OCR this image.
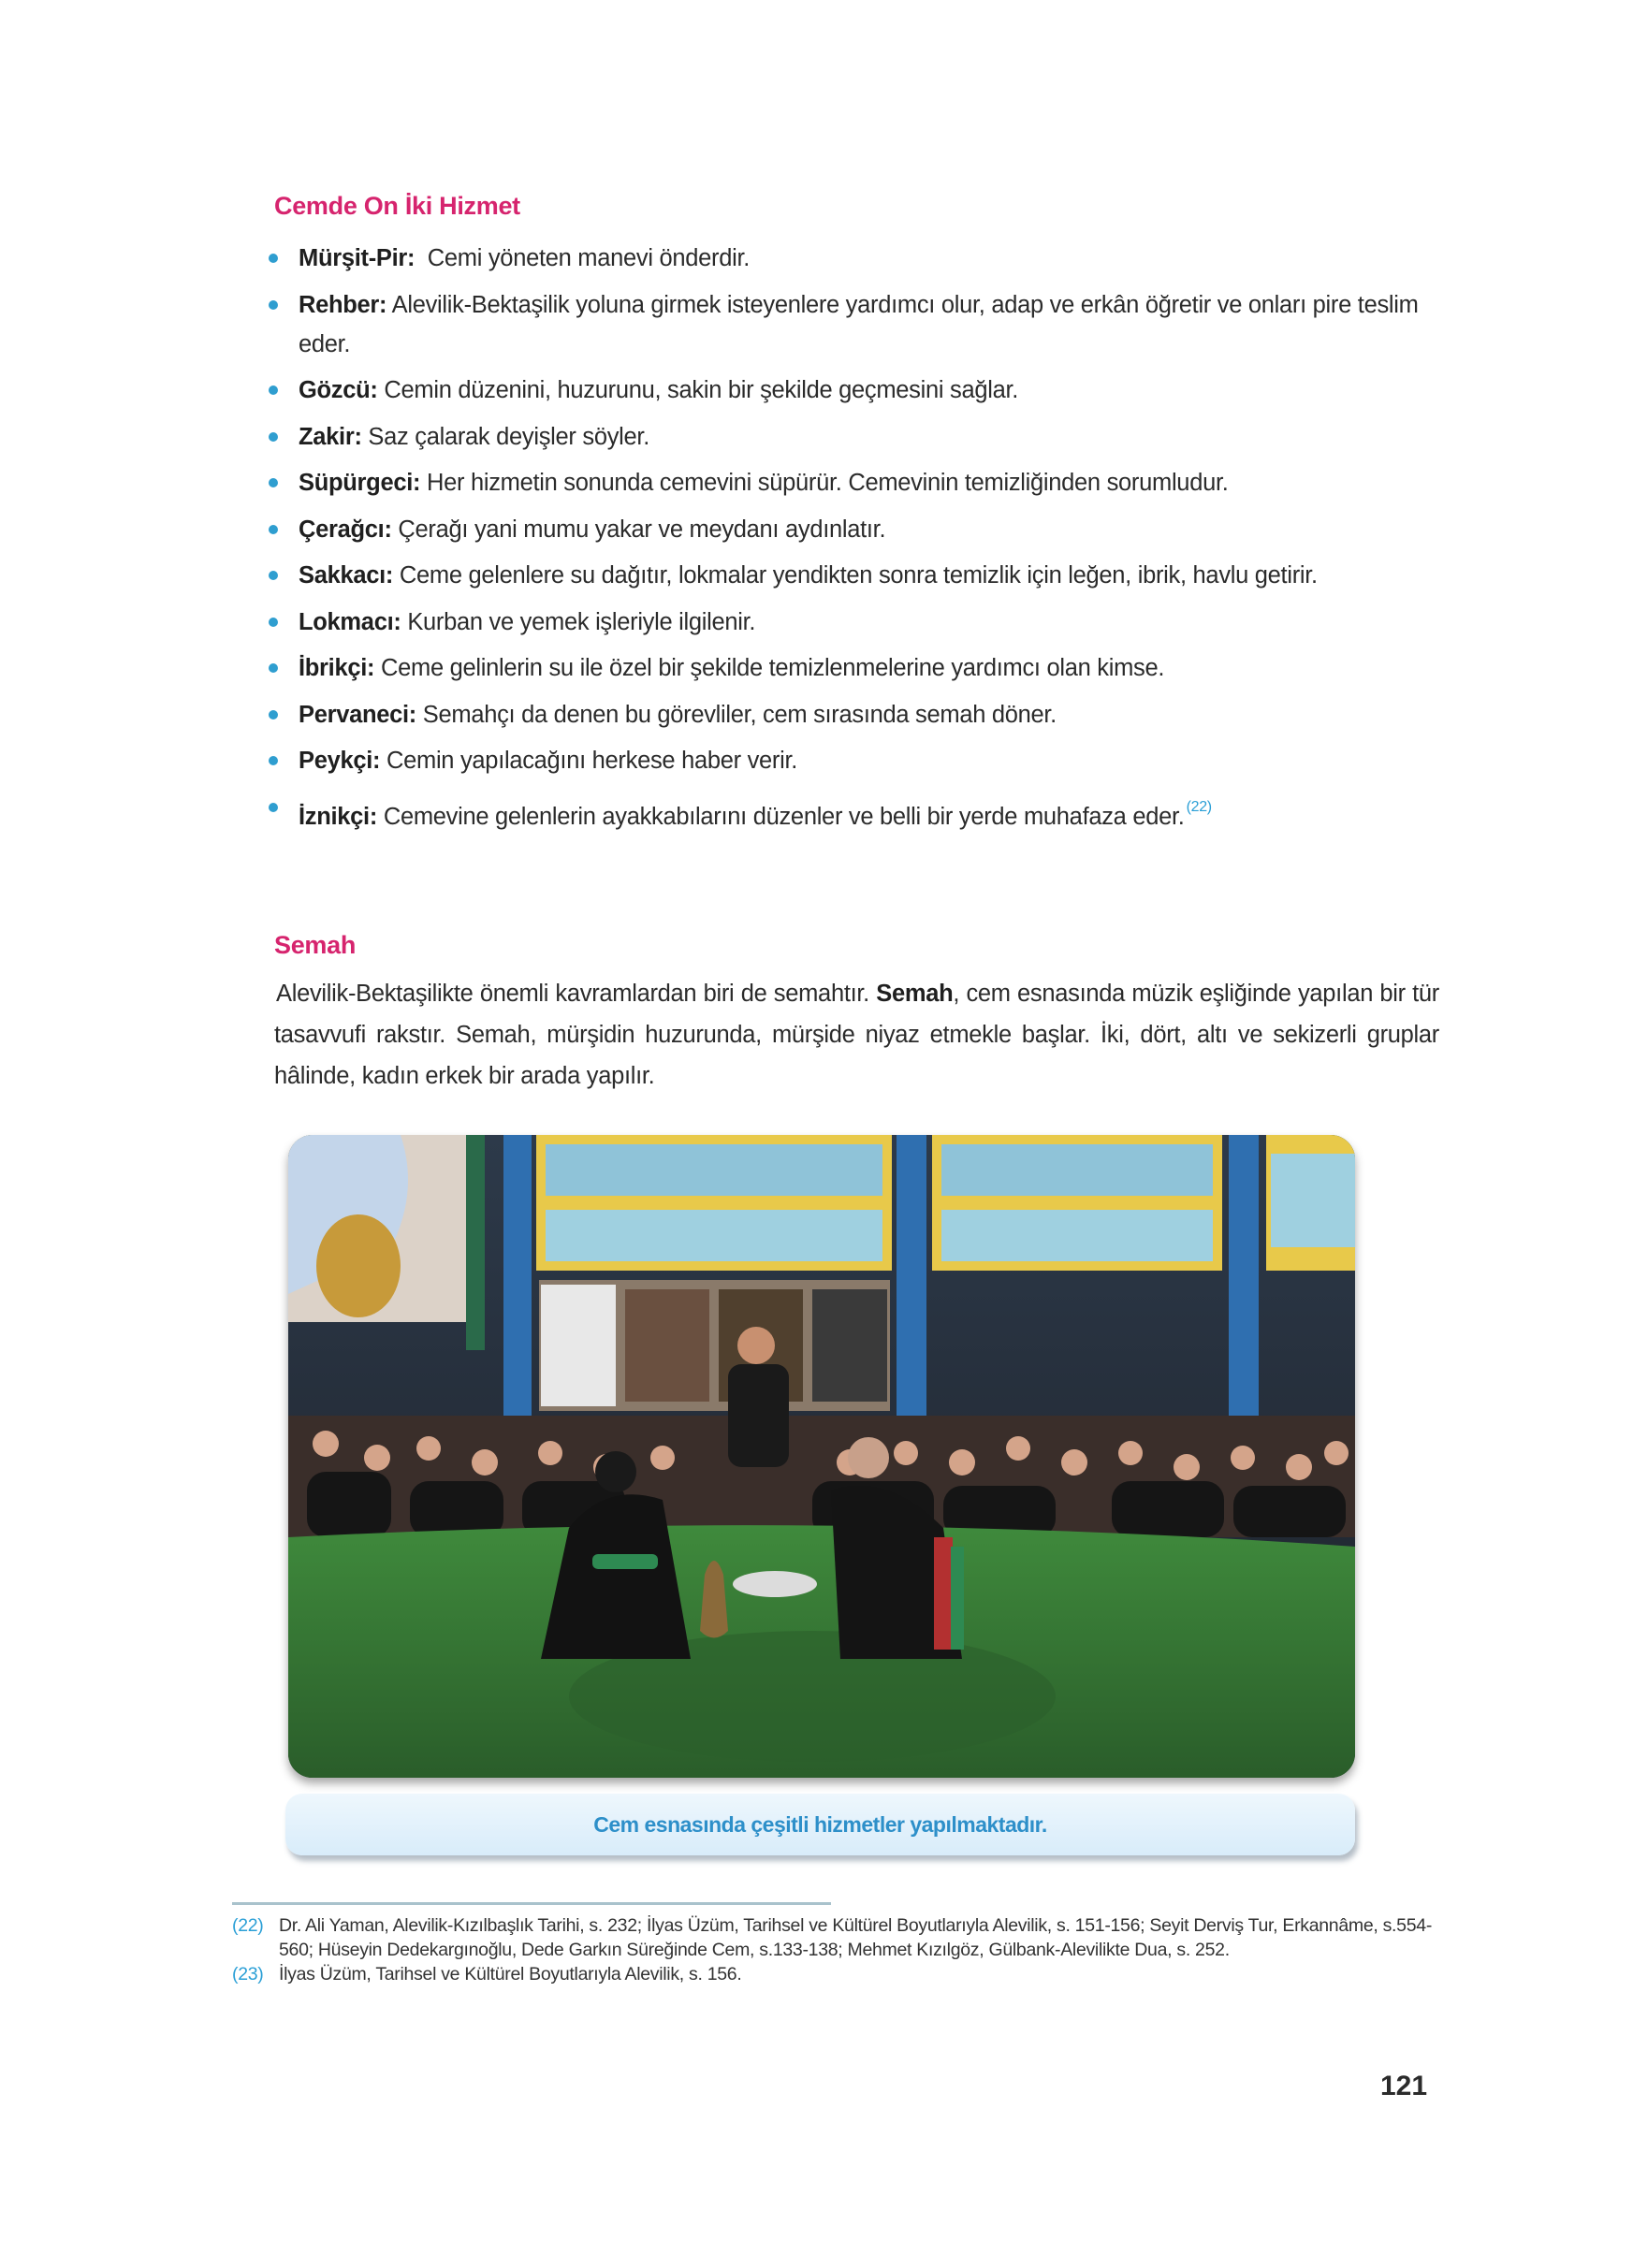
Cemde On İki Hizmet
Mürşit-Pir:  Cemi yöneten manevi önderdir.
Rehber: Alevilik-Bektaşilik yoluna girmek isteyenlere yardımcı olur, adap ve erkân öğretir ve onları pire teslim eder.
Gözcü: Cemin düzenini, huzurunu, sakin bir şekilde geçmesini sağlar.
Zakir: Saz çalarak deyişler söyler.
Süpürgeci: Her hizmetin sonunda cemevini süpürür. Cemevinin temizliğinden sorumludur.
Çerağcı: Çerağı yani mumu yakar ve meydanı aydınlatır.
Sakkacı: Ceme gelenlere su dağıtır, lokmalar yendikten sonra temizlik için leğen, ibrik, havlu getirir.
Lokmacı: Kurban ve yemek işleriyle ilgilenir.
İbrikçi: Ceme gelinlerin su ile özel bir şekilde temizlenmelerine yardımcı olan kimse.
Pervaneci: Semahçı da denen bu görevliler, cem sırasında semah döner.
Peykçi: Cemin yapılacağını herkese haber verir.
İznikçi: Cemevine gelenlerin ayakkabılarını düzenler ve belli bir yerde muhafaza eder. $^{(22)}$
Semah

Alevilik-Bektaşilikte önemli kavramlardan biri de semahtır. Semah, cem esnasında müzik eşliğinde yapılan bir tür tasavvufi rakstır. Semah, mürşidin huzurunda, mürşide niyaz etmekle başlar. İki, dört, altı ve sekizerli gruplar hâlinde, kadın erkek bir arada yapılır.

Cem esnasında çeşitli hizmetler yapılmaktadır.
(22) Dr. Ali Yaman, Alevilik-Kızılbaşlık Tarihi, s. 232; İlyas Üzüm, Tarihsel ve Kültürel Boyutlarıyla Alevilik, s. 151-156; Seyit Derviş Tur, Erkannâme, s.554-560; Hüseyin Dedekargınoğlu, Dede Garkın Süreğinde Cem, s.133-138; Mehmet Kızılgöz, Gülbank-Alevilikte Dua, s. 252.
(23) İlyas Üzüm, Tarihsel ve Kültürel Boyutlarıyla Alevilik, s. 156.
121
